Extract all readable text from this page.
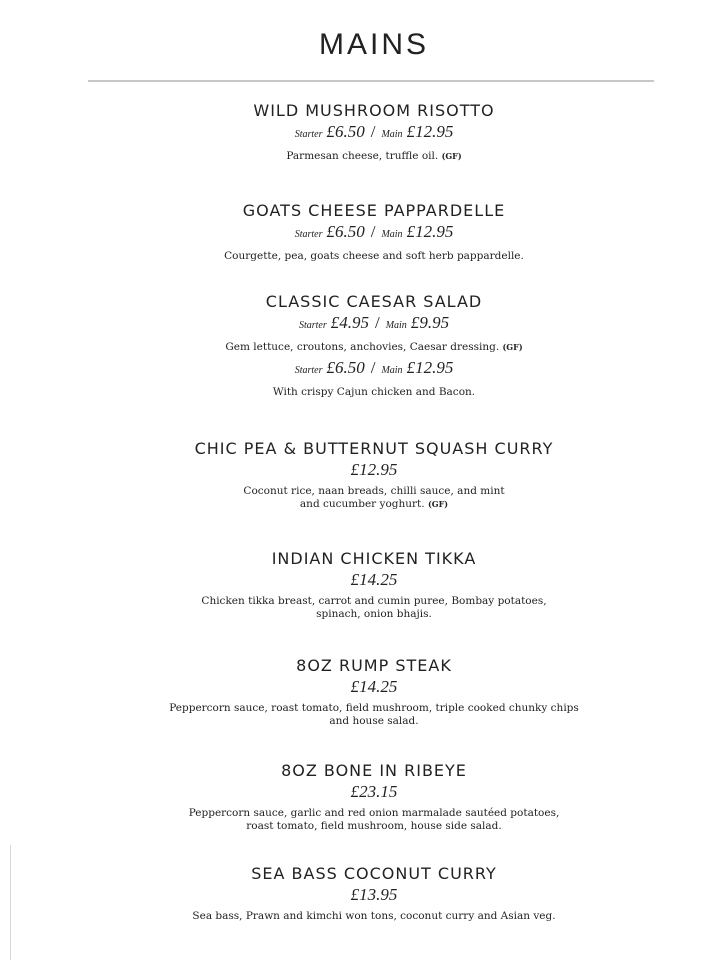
MAINS
WILD MUSHROOM RISOTTO
Starter £6.50 / Main £12.95
Parmesan cheese, truffle oil. (GF)
GOATS CHEESE PAPPARDELLE
Starter £6.50 / Main £12.95
Courgette, pea, goats cheese and soft herb pappardelle.
CLASSIC CAESAR SALAD
Starter £4.95 / Main £9.95
Gem lettuce, croutons, anchovies, Caesar dressing. (GF)
Starter £6.50 / Main £12.95
With crispy Cajun chicken and Bacon.
CHIC PEA & BUTTERNUT SQUASH CURRY
£12.95
Coconut rice, naan breads, chilli sauce, and mint
and cucumber yoghurt. (GF)
INDIAN CHICKEN TIKKA
£14.25
Chicken tikka breast, carrot and cumin puree, Bombay potatoes,
spinach, onion bhajis.
8OZ RUMP STEAK
£14.25
Peppercorn sauce, roast tomato, field mushroom, triple cooked chunky chips
and house salad.
8OZ BONE IN RIBEYE
£23.15
Peppercorn sauce, garlic and red onion marmalade sautéed potatoes,
roast tomato, field mushroom, house side salad.
SEA BASS COCONUT CURRY
£13.95
Sea bass, Prawn and kimchi won tons, coconut curry and Asian veg.
